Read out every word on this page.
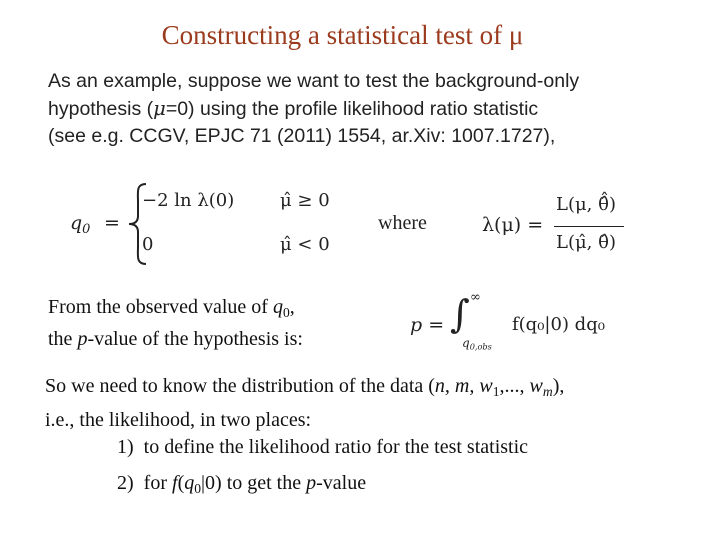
Constructing a statistical test of μ
As an example, suppose we want to test the background-only
hypothesis (μ=0) using the profile likelihood ratio statistic
(see e.g. CCGV, EPJC 71 (2011) 1554, ar.Xiv: 1007.1727),
$q_0$ =
−2 ln λ(0)	μ̂ ≥ 0
0	μ̂ < 0
where	λ(μ) =
L(μ, θ̂̂)
L(μ̂, θ̂)
From the observed value of $q_0$,
the p-value of the hypothesis is:
p = ∫ ∞
$q_{0,obs}$
f(q₀|0) dq₀
So we need to know the distribution of the data (n, m, $w_1$,..., $w_m$),
i.e., the likelihood, in two places:
1) to define the likelihood ratio for the test statistic
2) for $f(q_0|0)$ to get the p-value
